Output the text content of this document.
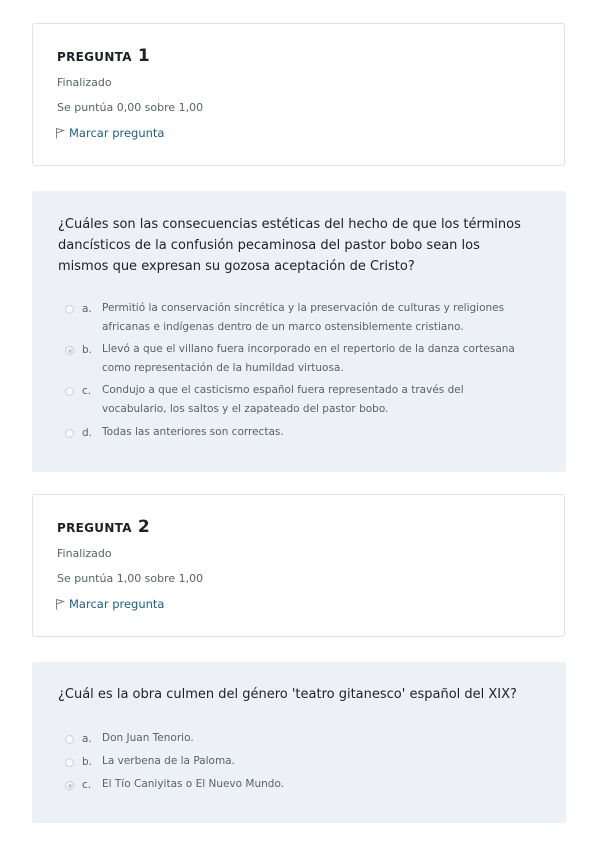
PREGUNTA 1
Finalizado
Se puntúa 0,00 sobre 1,00
Marcar pregunta

¿Cuáles son las consecuencias estéticas del hecho de que los términos dancísticos de la confusión pecaminosa del pastor bobo sean los mismos que expresan su gozosa aceptación de Cristo?

a. Permitió la conservación sincrética y la preservación de culturas y religiones africanas e indígenas dentro de un marco ostensiblemente cristiano.
b. Llevó a que el villano fuera incorporado en el repertorio de la danza cortesana como representación de la humildad virtuosa.
c. Condujo a que el casticismo español fuera representado a través del vocabulario, los saltos y el zapateado del pastor bobo.
d. Todas las anteriores son correctas.
PREGUNTA 2
Finalizado
Se puntúa 1,00 sobre 1,00
Marcar pregunta

¿Cuál es la obra culmen del género 'teatro gitanesco' español del XIX?

a. Don Juan Tenorio.
b. La verbena de la Paloma.
c. El Tío Caniyitas o El Nuevo Mundo.
